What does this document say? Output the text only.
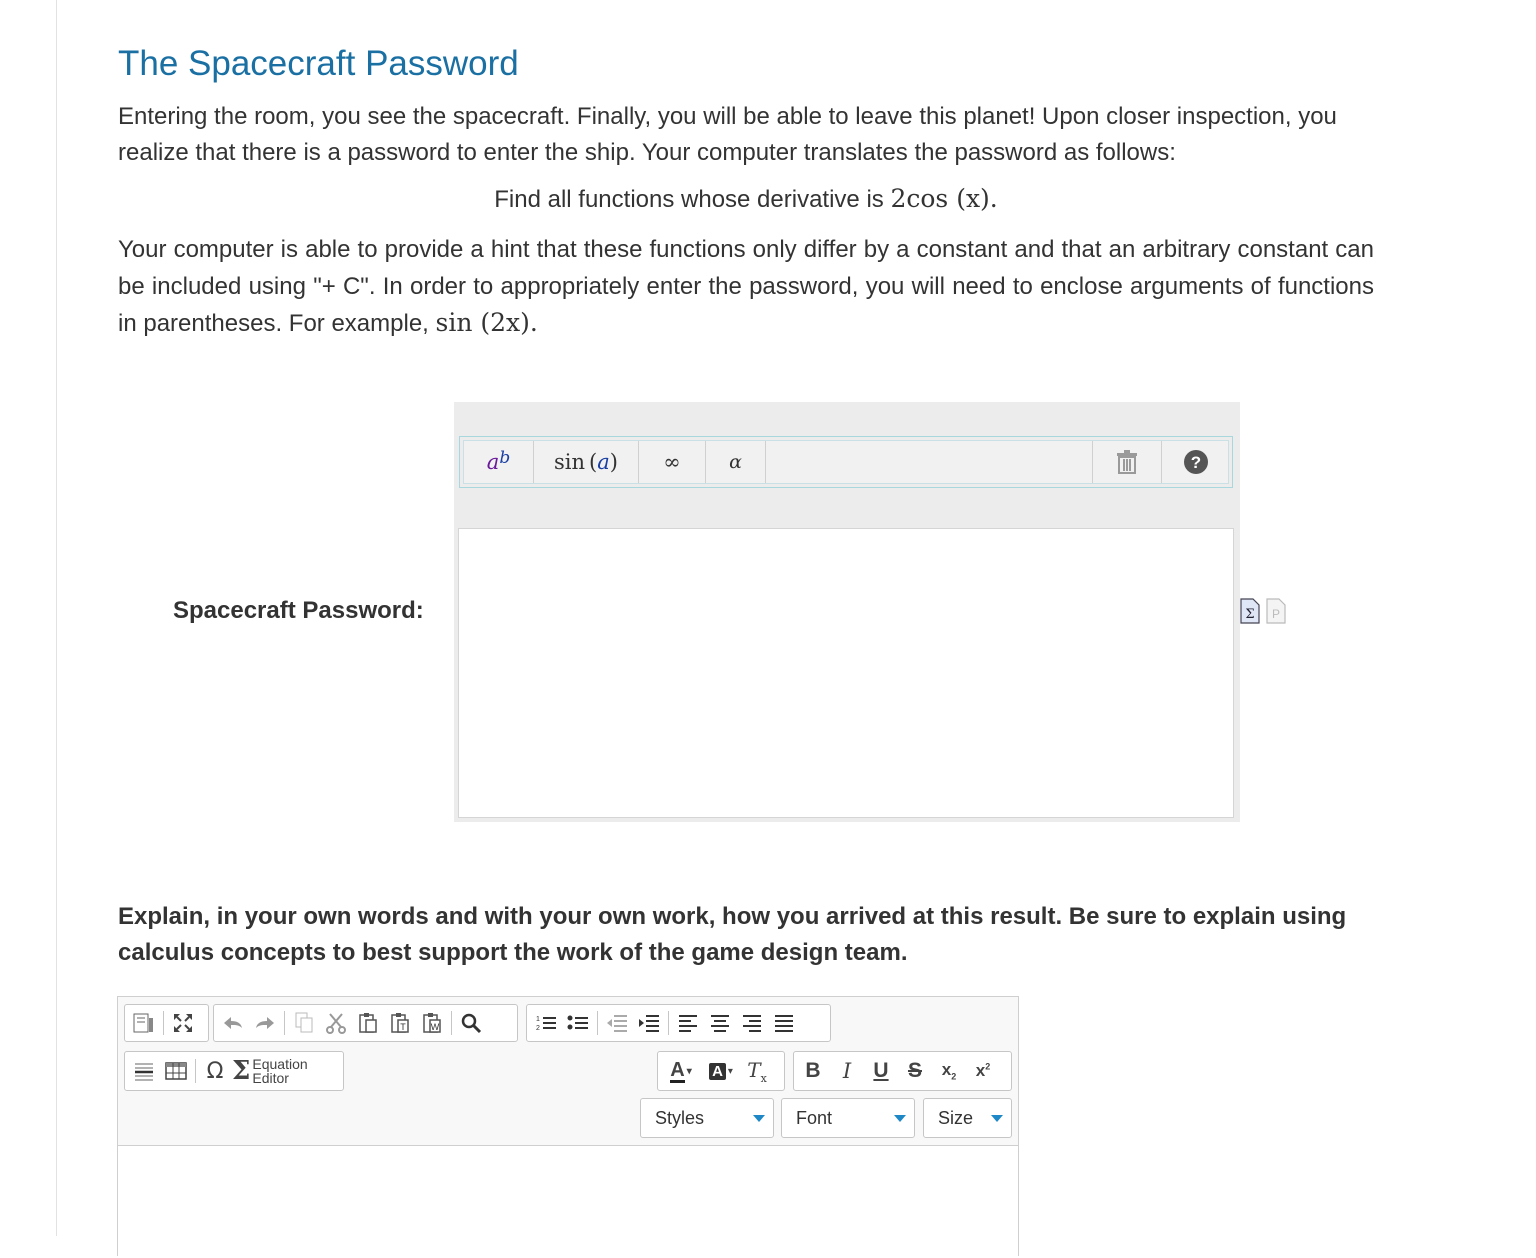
The Spacecraft Password

Entering the room, you see the spacecraft. Finally, you will be able to leave this planet! Upon closer inspection, you realize that there is a password to enter the ship. Your computer translates the password as follows:

Find all functions whose derivative is 2cos (x).

Your computer is able to provide a hint that these functions only differ by a constant and that an arbitrary constant can be included using "+ C". In order to appropriately enter the password, you will need to enclose arguments of functions in parentheses. For example, sin (2x).

Spacecraft Password:
$a^b$ sin ( a ) ∞	α	?
Σ P

Explain, in your own words and with your own work, how you arrived at this result. Be sure to explain using calculus concepts to best support the work of the game design team.

T	W
1
2
Ω Σ Equation
Editor	A ▾ A ▾ $T_x$ B I U S $x_2$ $x^2$
Styles	Font	Size
